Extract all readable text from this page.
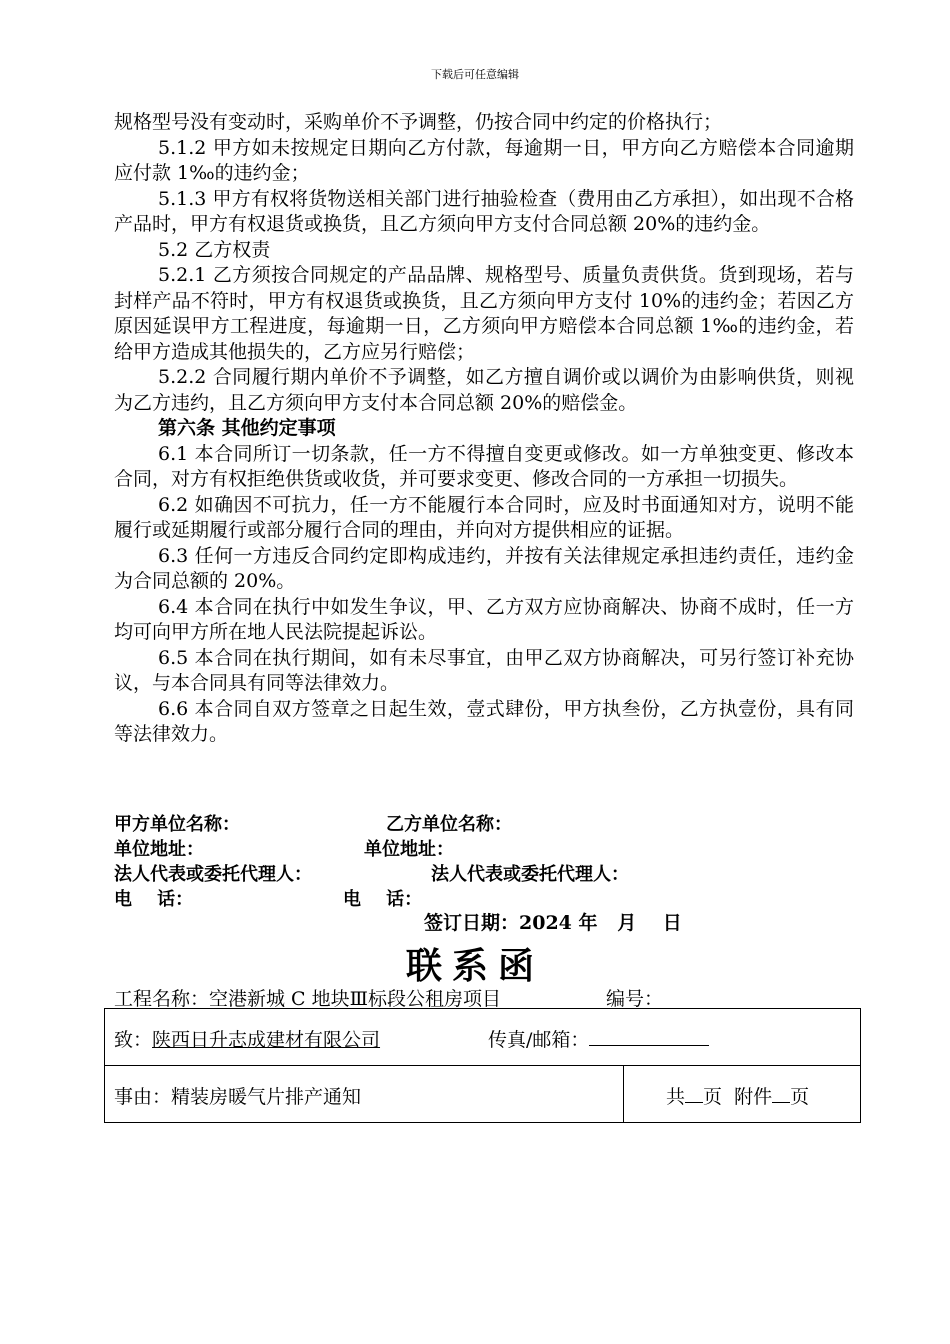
下载后可任意编辑

规格型号没有变动时，采购单价不予调整，仍按合同中约定的价格执行；

5.1.2 甲方如未按规定日期向乙方付款，每逾期一日，甲方向乙方赔偿本合同逾期应付款 1‰的违约金；

5.1.3 甲方有权将货物送相关部门进行抽验检查（费用由乙方承担），如出现不合格产品时，甲方有权退货或换货，且乙方须向甲方支付合同总额 20%的违约金。

5.2 乙方权责

5.2.1 乙方须按合同规定的产品品牌、规格型号、质量负责供货。货到现场，若与封样产品不符时，甲方有权退货或换货，且乙方须向甲方支付 10%的违约金；若因乙方原因延误甲方工程进度，每逾期一日，乙方须向甲方赔偿本合同总额 1‰的违约金，若给甲方造成其他损失的，乙方应另行赔偿；

5.2.2 合同履行期内单价不予调整，如乙方擅自调价或以调价为由影响供货，则视为乙方违约，且乙方须向甲方支付本合同总额 20%的赔偿金。

第六条 其他约定事项

6.1 本合同所订一切条款，任一方不得擅自变更或修改。如一方单独变更、修改本合同，对方有权拒绝供货或收货，并可要求变更、修改合同的一方承担一切损失。

6.2 如确因不可抗力，任一方不能履行本合同时，应及时书面通知对方，说明不能履行或延期履行或部分履行合同的理由，并向对方提供相应的证据。

6.3 任何一方违反合同约定即构成违约，并按有关法律规定承担违约责任，违约金为合同总额的 20%。

6.4 本合同在执行中如发生争议，甲、乙方双方应协商解决、协商不成时，任一方均可向甲方所在地人民法院提起诉讼。

6.5 本合同在执行期间，如有未尽事宜，由甲乙双方协商解决，可另行签订补充协议，与本合同具有同等法律效力。

6.6 本合同自双方签章之日起生效，壹式肆份，甲方执叁份，乙方执壹份，具有同等法律效力。

甲方单位名称：	乙方单位名称：
单位地址：	单位地址：
法人代表或委托代理人：	法人代表或委托代理人：
电    话：	电    话：
签订日期：2024 年   月    日
联系函
工程名称：空港新城 C 地块Ⅲ标段公租房项目	编号：
致：陕西日升志成建材有限公司	传真/邮箱：
事由：精装房暖气片排产通知	共 页  附件 页
